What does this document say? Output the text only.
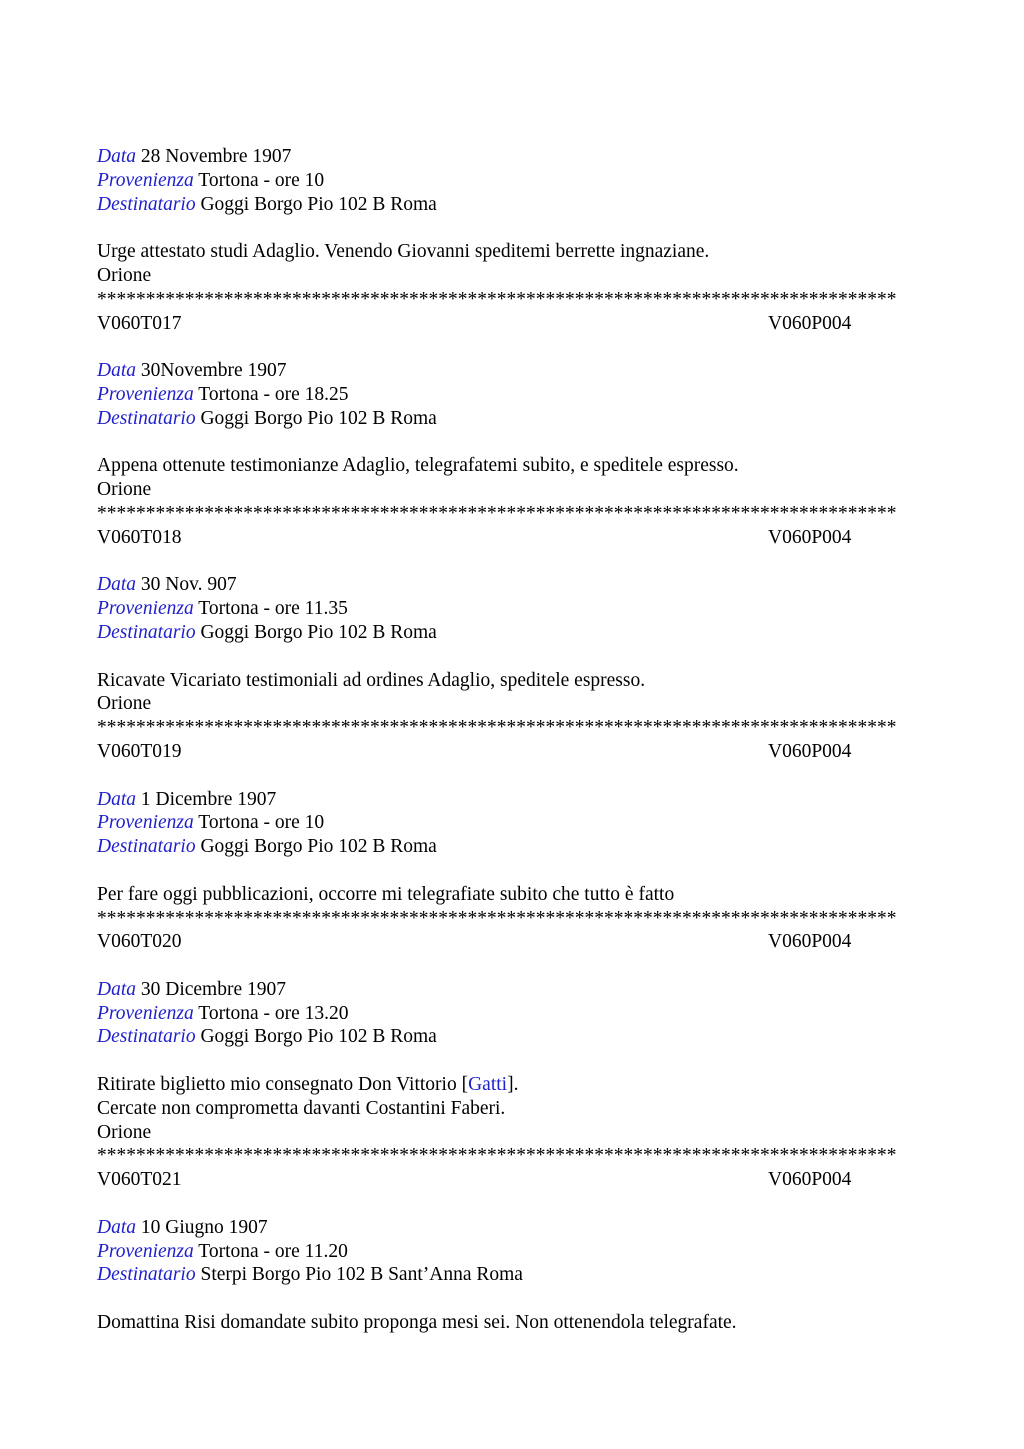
Data 28 Novembre 1907
Provenienza Tortona - ore 10
Destinatario Goggi Borgo Pio 102 B Roma
Urge attestato studi Adaglio. Venendo Giovanni speditemi berrette ingnaziane.
Orione
**********************************************************************************
V060T017	V060P004
Data 30Novembre 1907
Provenienza Tortona - ore 18.25
Destinatario Goggi Borgo Pio 102 B Roma
Appena ottenute testimonianze Adaglio, telegrafatemi subito, e speditele espresso.
Orione
**********************************************************************************
V060T018	V060P004
Data 30 Nov. 907
Provenienza Tortona - ore 11.35
Destinatario Goggi Borgo Pio 102 B Roma
Ricavate Vicariato testimoniali ad ordines Adaglio, speditele espresso.
Orione
**********************************************************************************
V060T019	V060P004
Data 1 Dicembre 1907
Provenienza Tortona - ore 10
Destinatario Goggi Borgo Pio 102 B Roma
Per fare oggi pubblicazioni, occorre mi telegrafiate subito che tutto è fatto
**********************************************************************************
V060T020	V060P004
Data 30 Dicembre 1907
Provenienza Tortona - ore 13.20
Destinatario Goggi Borgo Pio 102 B Roma
Ritirate biglietto mio consegnato Don Vittorio [Gatti].
Cercate non comprometta davanti Costantini Faberi.
Orione
**********************************************************************************
V060T021	V060P004
Data 10 Giugno 1907
Provenienza Tortona - ore 11.20
Destinatario Sterpi Borgo Pio 102 B Sant’Anna Roma
Domattina Risi domandate subito proponga mesi sei. Non ottenendola telegrafate.
